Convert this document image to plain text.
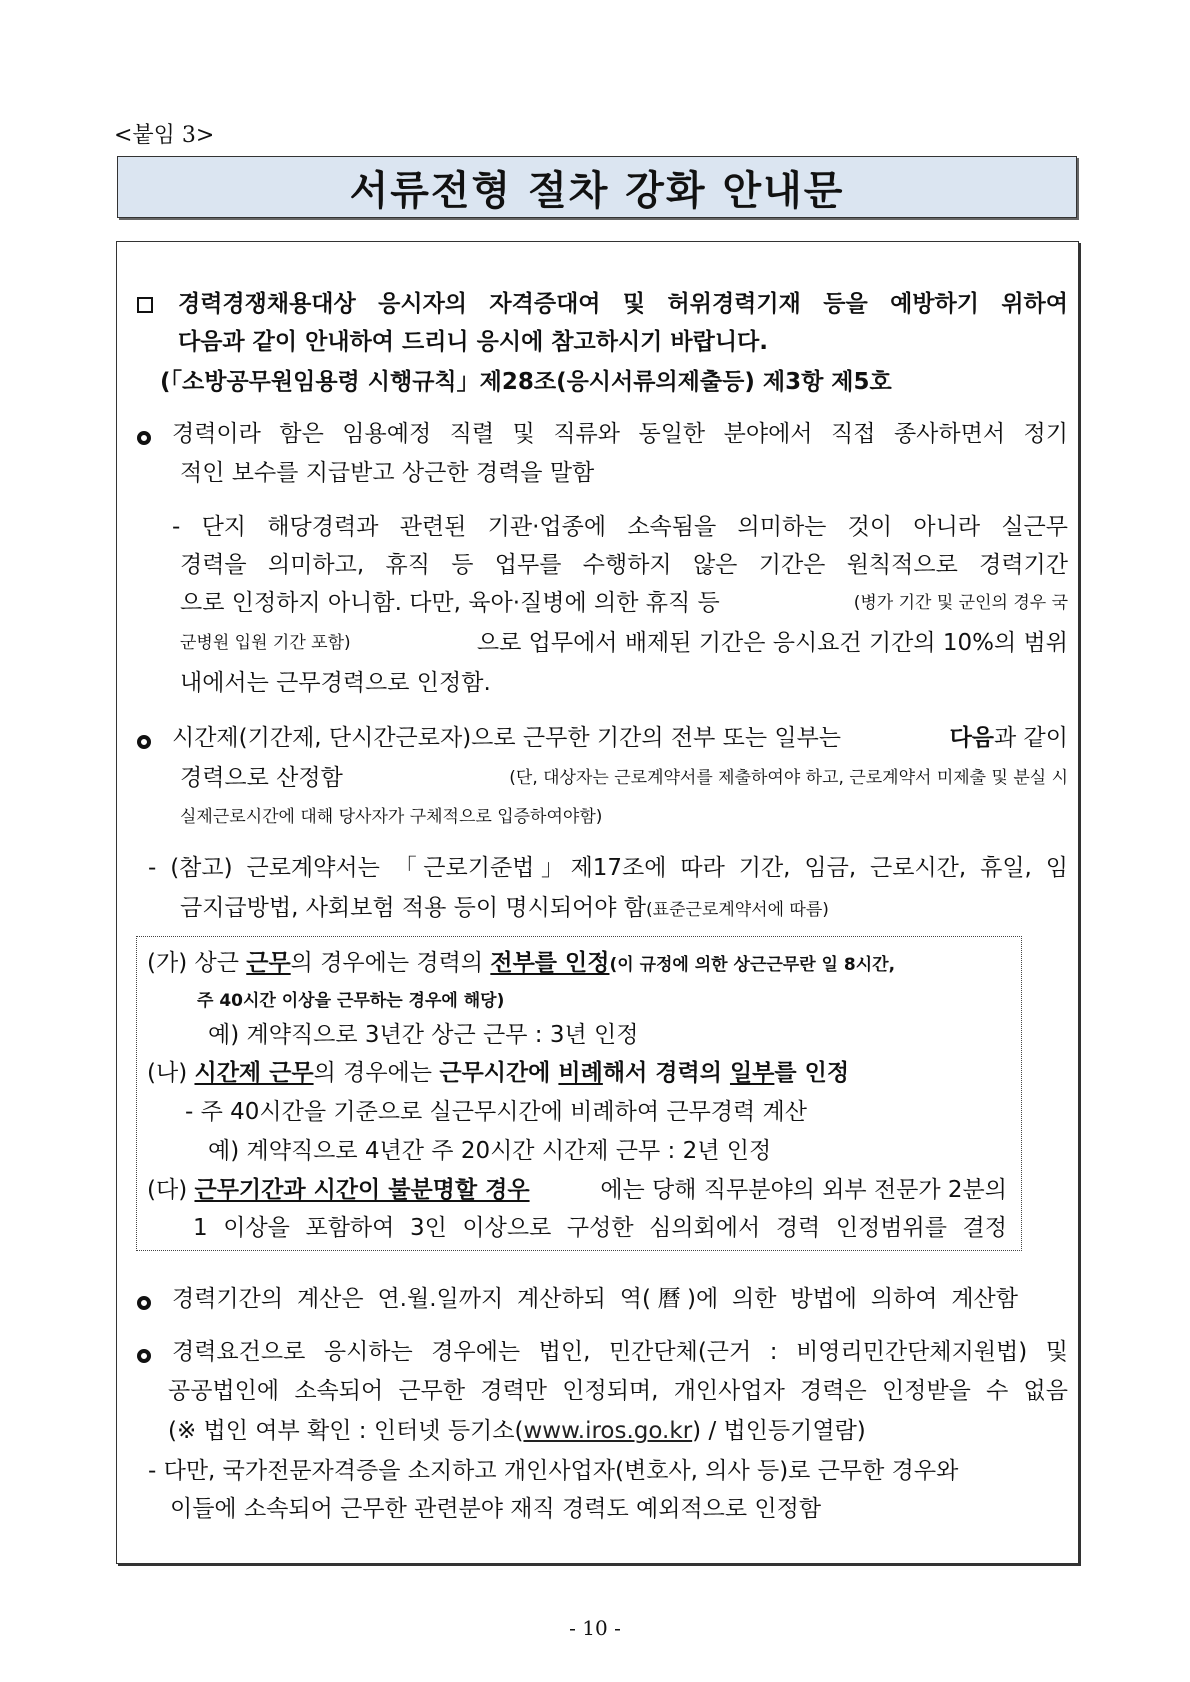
<붙임 3>
서류전형 절차 강화 안내문
경력경쟁채용대상 응시자의 자격증대여 및 허위경력기재 등을 예방하기 위하여
다음과 같이 안내하여 드리니 응시에 참고하시기 바랍니다.
(「소방공무원임용령 시행규칙」제28조(응시서류의제출등) 제3항 제5호
경력이라 함은 임용예정 직렬 및 직류와 동일한 분야에서 직접 종사하면서 정기
적인 보수를 지급받고 상근한 경력을 말함
- 단지 해당경력과 관련된 기관·업종에 소속됨을 의미하는 것이 아니라 실근무
경력을 의미하고, 휴직 등 업무를 수행하지 않은 기간은 원칙적으로 경력기간
으로 인정하지 아니함. 다만, 육아·질병에 의한 휴직 등	(병가 기간 및 군인의 경우 국
군병원 입원 기간 포함)	으로 업무에서 배제된 기간은 응시요건 기간의 10%의 범위
내에서는 근무경력으로 인정함.
시간제(기간제, 단시간근로자)으로 근무한 기간의 전부 또는 일부는	다음과 같이
경력으로 산정함	(단, 대상자는 근로계약서를 제출하여야 하고, 근로계약서 미제출 및 분실 시
실제근로시간에 대해 당사자가 구체적으로 입증하여야함)
- (참고) 근로계약서는 「근로기준법」제17조에 따라 기간, 임금, 근로시간, 휴일, 임
금지급방법, 사회보험 적용 등이 명시되어야 함(표준근로계약서에 따름)
(가) 상근 근무의 경우에는 경력의 전부를 인정(이 규정에 의한 상근근무란 일 8시간,
주 40시간 이상을 근무하는 경우에 해당)
예) 계약직으로 3년간 상근 근무 : 3년 인정
(나) 시간제 근무의 경우에는 근무시간에 비례해서 경력의 일부를 인정
- 주 40시간을 기준으로 실근무시간에 비례하여 근무경력 계산
예) 계약직으로 4년간 주 20시간 시간제 근무 : 2년 인정
(다) 근무기간과 시간이 불분명할 경우	에는 당해 직무분야의 외부 전문가 2분의
1 이상을 포함하여 3인 이상으로 구성한 심의회에서 경력 인정범위를 결정
경력기간의 계산은 연.월.일까지 계산하되 역(曆)에 의한 방법에 의하여 계산함
경력요건으로 응시하는 경우에는 법인, 민간단체(근거 : 비영리민간단체지원법) 및
공공법인에 소속되어 근무한 경력만 인정되며, 개인사업자 경력은 인정받을 수 없음
(※ 법인 여부 확인 : 인터넷 등기소(www.iros.go.kr) / 법인등기열람)
- 다만, 국가전문자격증을 소지하고 개인사업자(변호사, 의사 등)로 근무한 경우와
이들에 소속되어 근무한 관련분야 재직 경력도 예외적으로 인정함
- 10 -
